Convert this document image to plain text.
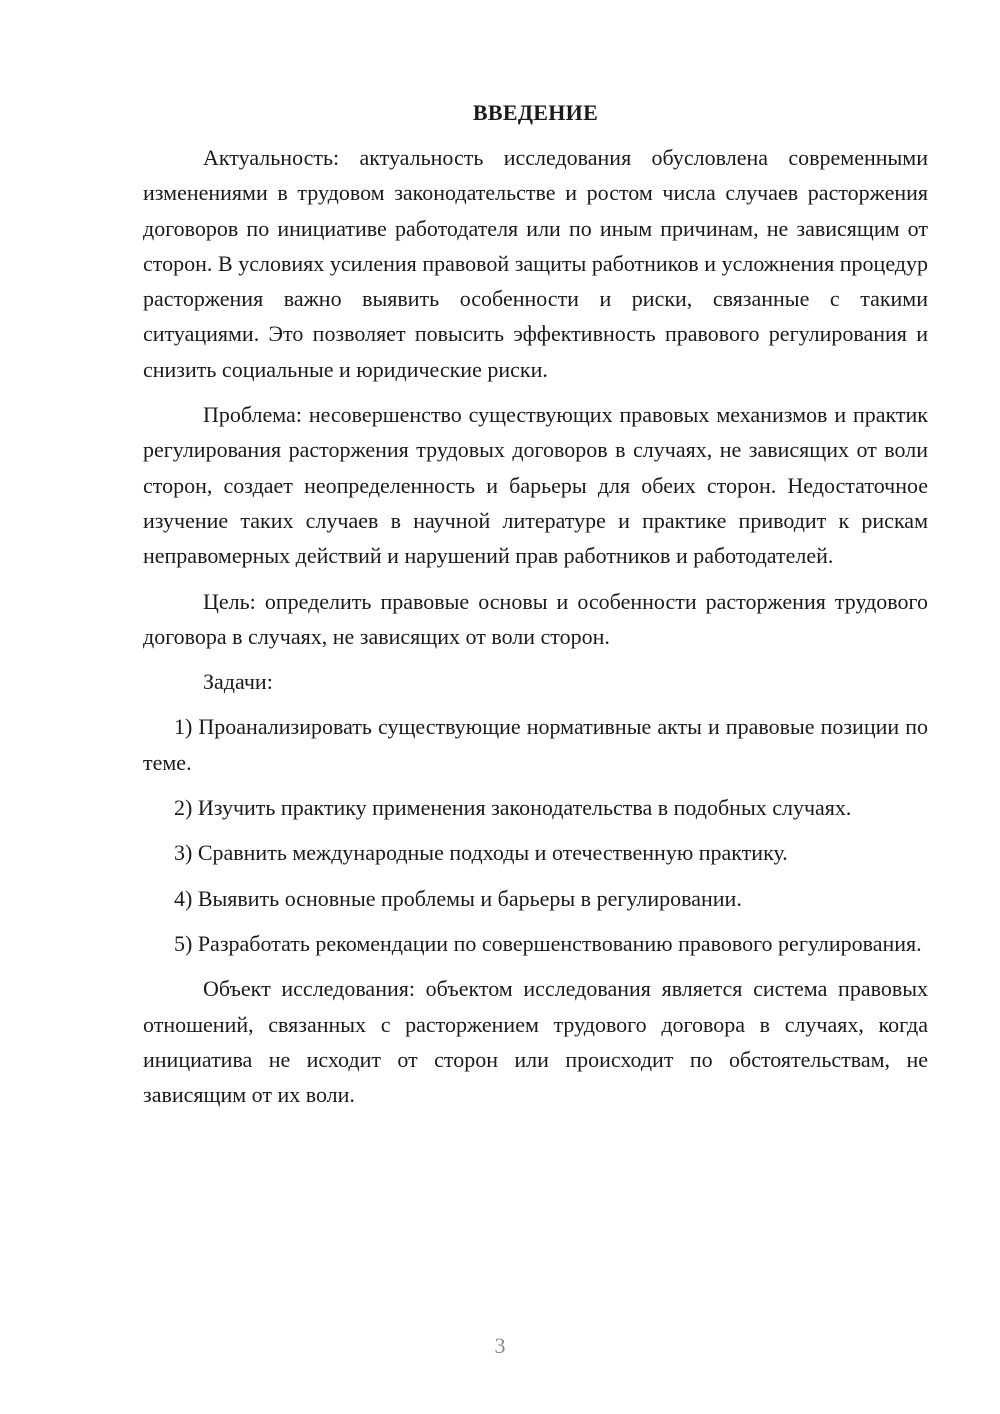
ВВЕДЕНИЕ

Актуальность: актуальность исследования обусловлена современными изменениями в трудовом законодательстве и ростом числа случаев расторжения договоров по инициативе работодателя или по иным причинам, не зависящим от сторон. В условиях усиления правовой защиты работников и усложнения процедур расторжения важно выявить особенности и риски, связанные с такими ситуациями. Это позволяет повысить эффективность правового регулирования и снизить социальные и юридические риски.

Проблема: несовершенство существующих правовых механизмов и практик регулирования расторжения трудовых договоров в случаях, не зависящих от воли сторон, создает неопределенность и барьеры для обеих сторон. Недостаточное изучение таких случаев в научной литературе и практике приводит к рискам неправомерных действий и нарушений прав работников и работодателей.

Цель: определить правовые основы и особенности расторжения трудового договора в случаях, не зависящих от воли сторон.

Задачи:

1) Проанализировать существующие нормативные акты и правовые позиции по теме.

2) Изучить практику применения законодательства в подобных случаях.

3) Сравнить международные подходы и отечественную практику.

4) Выявить основные проблемы и барьеры в регулировании.

5) Разработать рекомендации по совершенствованию правового регулирования.

Объект исследования: объектом исследования является система правовых отношений, связанных с расторжением трудового договора в случаях, когда инициатива не исходит от сторон или происходит по обстоятельствам, не зависящим от их воли.

3
